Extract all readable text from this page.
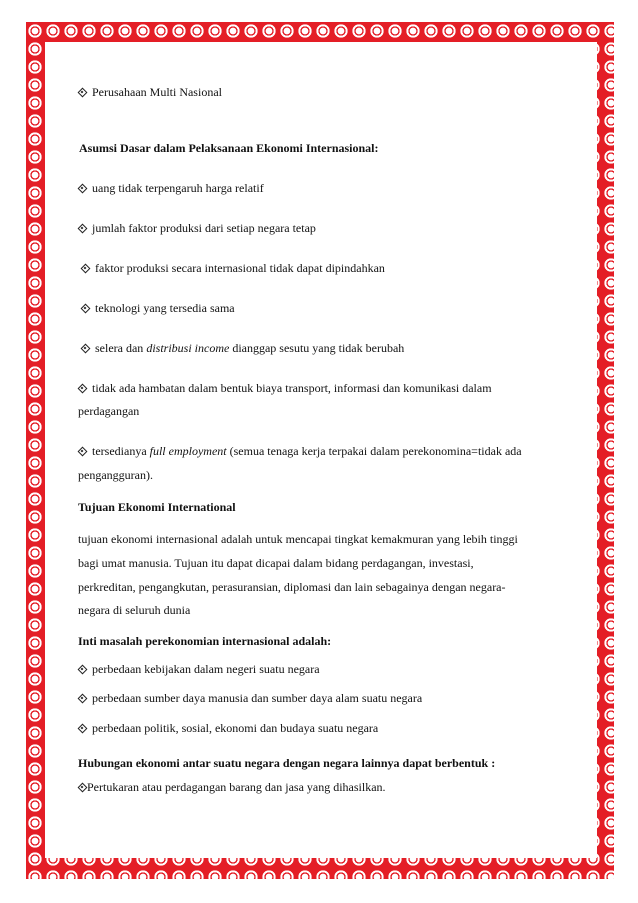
Perusahaan Multi Nasional
Asumsi Dasar dalam Pelaksanaan Ekonomi Internasional:
uang tidak terpengaruh harga relatif
jumlah faktor produksi dari setiap negara tetap
faktor produksi secara internasional tidak dapat dipindahkan
teknologi yang tersedia sama
selera dan distribusi income dianggap sesutu yang tidak berubah
tidak ada hambatan dalam bentuk biaya transport, informasi dan komunikasi dalam
perdagangan
tersedianya full employment (semua tenaga kerja terpakai dalam perekonomina=tidak ada
pengangguran).
Tujuan Ekonomi International
tujuan ekonomi internasional adalah untuk mencapai tingkat kemakmuran yang lebih tinggi
bagi umat manusia. Tujuan itu dapat dicapai dalam bidang perdagangan, investasi,
perkreditan, pengangkutan, perasuransian, diplomasi dan lain sebagainya dengan negara-
negara di seluruh dunia
Inti masalah perekonomian internasional adalah:
perbedaan kebijakan dalam negeri suatu negara
perbedaan sumber daya manusia dan sumber daya alam suatu negara
perbedaan politik, sosial, ekonomi dan budaya suatu negara
Hubungan ekonomi antar suatu negara dengan negara lainnya dapat berbentuk :
Pertukaran atau perdagangan barang dan jasa yang dihasilkan.
